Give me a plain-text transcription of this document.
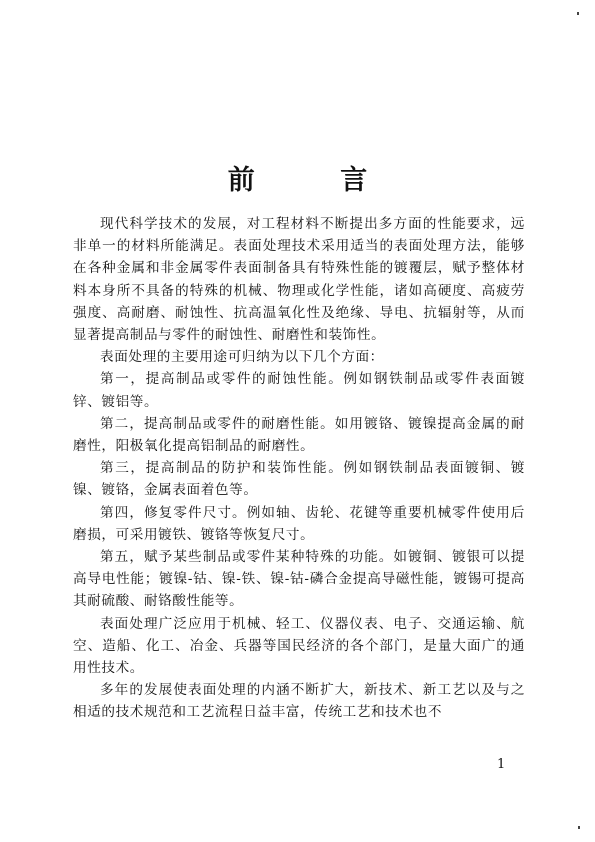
前 言

现代科学技术的发展，对工程材料不断提出多方面的性能要求，远非单一的材料所能满足。表面处理技术采用适当的表面处理方法，能够在各种金属和非金属零件表面制备具有特殊性能的镀覆层，赋予整体材料本身所不具备的特殊的机械、物理或化学性能，诸如高硬度、高疲劳强度、高耐磨、耐蚀性、抗高温氧化性及绝缘、导电、抗辐射等，从而显著提高制品与零件的耐蚀性、耐磨性和装饰性。

表面处理的主要用途可归纳为以下几个方面：

第一，提高制品或零件的耐蚀性能。例如钢铁制品或零件表面镀锌、镀铝等。

第二，提高制品或零件的耐磨性能。如用镀铬、镀镍提高金属的耐磨性，阳极氧化提高铝制品的耐磨性。

第三，提高制品的防护和装饰性能。例如钢铁制品表面镀铜、镀镍、镀铬，金属表面着色等。

第四，修复零件尺寸。例如轴、齿轮、花键等重要机械零件使用后磨损，可采用镀铁、镀铬等恢复尺寸。

第五，赋予某些制品或零件某种特殊的功能。如镀铜、镀银可以提高导电性能；镀镍-钴、镍-铁、镍-钴-磷合金提高导磁性能，镀锡可提高其耐硫酸、耐铬酸性能等。

表面处理广泛应用于机械、轻工、仪器仪表、电子、交通运输、航空、造船、化工、冶金、兵器等国民经济的各个部门，是量大面广的通用性技术。

多年的发展使表面处理的内涵不断扩大，新技术、新工艺以及与之相适的技术规范和工艺流程日益丰富，传统工艺和技术也不

1
